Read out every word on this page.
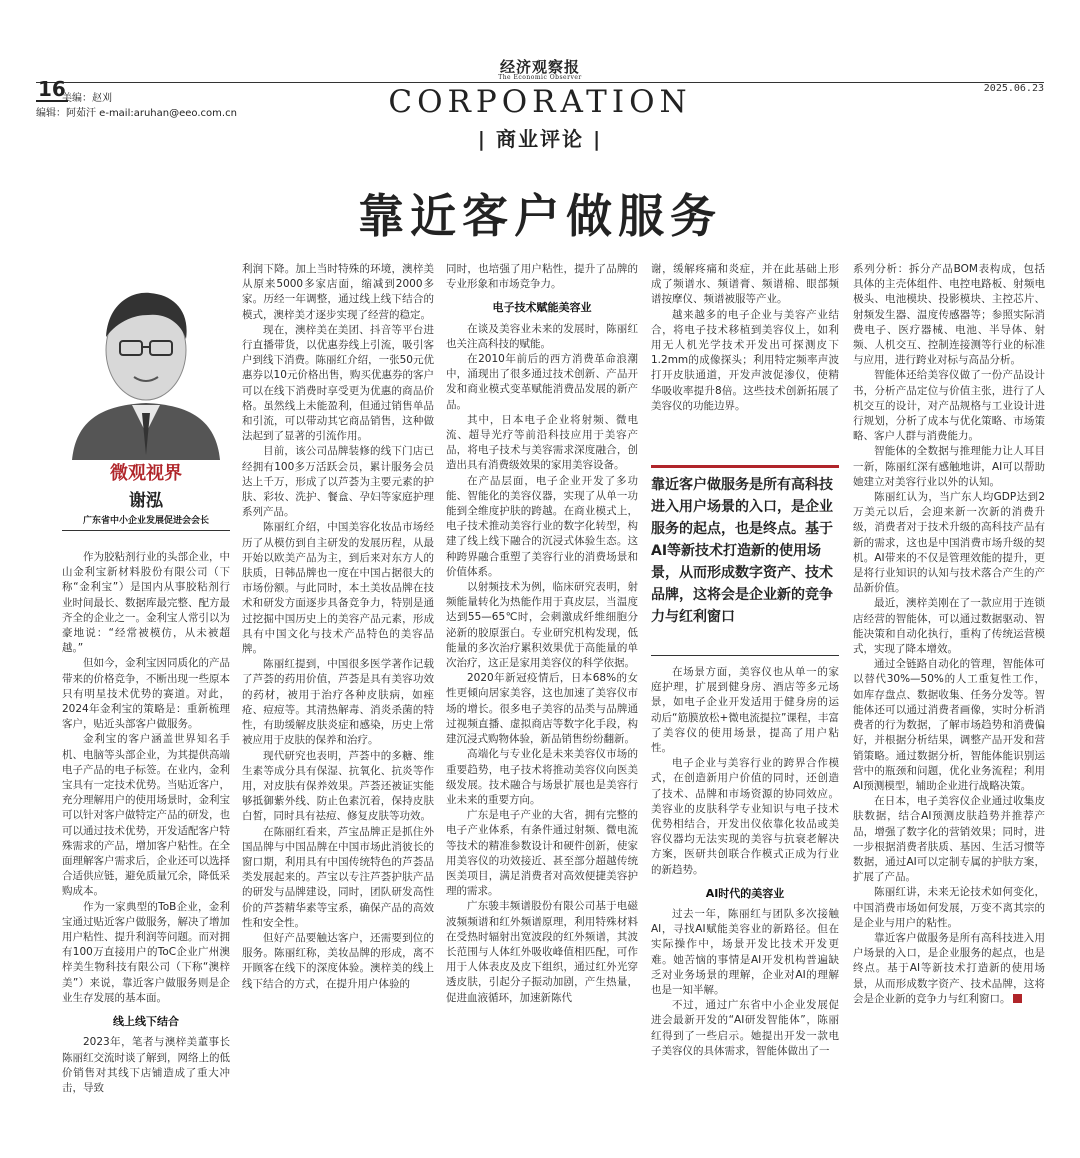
经济观察报
The Economic Observer
16
美编：赵刈
编辑：阿茹汗 e-mail:aruhan@eeo.com.cn
2025.06.23
CORPORATION
| 商业评论 |
靠近客户做服务
微观视界
谢泓
广东省中小企业发展促进会会长

作为胶粘剂行业的头部企业，中山金利宝新材料股份有限公司（下称“金利宝”）是国内从事胶粘剂行业时间最长、数据库最完整、配方最齐全的企业之一。金利宝人常引以为豪地说：“经常被模仿，从未被超越。”

但如今，金利宝因同质化的产品带来的价格竞争，不断出现一些原本只有明星技术优势的赛道。对此，2024年金利宝的策略是：重新梳理客户，贴近头部客户做服务。

金利宝的客户涵盖世界知名手机、电脑等头部企业，为其提供高端电子产品的电子标签。在业内，金利宝具有一定技术优势。当贴近客户，充分理解用户的使用场景时，金利宝可以针对客户做特定产品的研发，也可以通过技术优势，开发适配客户特殊需求的产品，增加客户粘性。在全面理解客户需求后，企业还可以选择合适供应链，避免质量冗余，降低采购成本。

作为一家典型的ToB企业，金利宝通过贴近客户做服务，解决了增加用户粘性、提升利润等问题。而对拥有100万直接用户的ToC企业广州澳梓美生物科技有限公司（下称“澳梓美”）来说，靠近客户做服务则是企业生存发展的基本面。

线上线下结合

2023年，笔者与澳梓美董事长陈丽红交流时谈了解到，网络上的低价销售对其线下店铺造成了重大冲击，导致

利润下降。加上当时特殊的环境，澳梓美从原来5000多家店面，缩减到2000多家。历经一年调整，通过线上线下结合的模式，澳梓美才逐步实现了经营的稳定。

现在，澳梓美在美团、抖音等平台进行直播带货，以优惠券线上引流，吸引客户到线下消费。陈丽红介绍，一张50元优惠券以10元价格出售，购买优惠券的客户可以在线下消费时享受更为优惠的商品价格。虽然线上未能盈利，但通过销售单品和引流，可以带动其它商品销售，这种做法起到了显著的引流作用。

目前，该公司品牌装修的线下门店已经拥有100多万活跃会员，累计服务会员达上千万，形成了以芦荟为主要元素的护肤、彩妆、洗护、餐盒、孕妇等家庭护理系列产品。

陈丽红介绍，中国美容化妆品市场经历了从模仿到自主研发的发展历程，从最开始以欧美产品为主，到后来对东方人的肤质，日韩品牌也一度在中国占据很大的市场份额。与此同时，本土美妆品牌在技术和研发方面逐步具备竞争力，特别是通过挖掘中国历史上的美容产品元素，形成具有中国文化与技术产品特色的美容品牌。

陈丽红提到，中国很多医学著作记载了芦荟的药用价值，芦荟是具有美容功效的药材，被用于治疗各种皮肤病，如痤疮、痘痘等。其清热解毒、消炎杀菌的特性，有助缓解皮肤炎症和感染，历史上常被应用于皮肤的保养和治疗。

现代研究也表明，芦荟中的多糖、维生素等成分具有保湿、抗氧化、抗炎等作用，对皮肤有保养效果。芦荟还被证实能够抵御紫外线、防止色素沉着，保持皮肤白皙，同时具有祛痘、修复皮肤等功效。

在陈丽红看来，芦宝品牌正是抓住外国品牌与中国品牌在中国市场此消彼长的窗口期，利用具有中国传统特色的芦荟品类发展起来的。芦宝以专注芦荟护肤产品的研发与品牌建设，同时，团队研发高性价的芦荟精华素等宝系，确保产品的高效性和安全性。

但好产品要触达客户，还需要到位的服务。陈丽红称，美妆品牌的形成，离不开顾客在线下的深度体验。澳梓美的线上线下结合的方式，在提升用户体验的

同时，也培强了用户粘性，提升了品牌的专业形象和市场竞争力。

电子技术赋能美容业

在谈及美容业未来的发展时，陈丽红也关注高科技的赋能。

在2010年前后的西方消费革命浪潮中，涌现出了很多通过技术创新、产品开发和商业模式变革赋能消费品发展的新产品。

其中，日本电子企业将射频、微电流、超导光疗等前沿科技应用于美容产品，将电子技术与美容需求深度融合，创造出具有消费级效果的家用美容设备。

在产品层面，电子企业开发了多功能、智能化的美容仪器，实现了从单一功能到全维度护肤的跨越。在商业模式上，电子技术推动美容行业的数字化转型，构建了线上线下融合的沉浸式体验生态。这种跨界融合重塑了美容行业的消费场景和价值体系。

以射频技术为例，临床研究表明，射频能量转化为热能作用于真皮层，当温度达到55—65℃时，会刺激成纤维细胞分泌新的胶原蛋白。专业研究机构发现，低能量的多次治疗累积效果优于高能量的单次治疗，这正是家用美容仪的科学依据。

2020年新冠疫情后，日本68%的女性更倾向居家美容，这也加速了美容仪市场的增长。很多电子美容的品类与品牌通过视频直播、虚拟商店等数字化手段，构建沉浸式购物体验，新品销售纷纷翻新。

高端化与专业化是未来美容仪市场的重要趋势，电子技术将推动美容仪向医美级发展。技术融合与场景扩展也是美容行业未来的重要方向。

广东是电子产业的大省，拥有完整的电子产业体系，有条件通过射频、微电流等技术的精准参数设计和硬件创新，使家用美容仪的功效接近、甚至部分超越传统医美项目，满足消费者对高效便捷美容护理的需求。

广东骏丰频谱股份有限公司基于电磁波频频谱和红外频谱原理，利用特殊材料在受热时辐射出宽波段的红外频谱，其波长范围与人体红外吸收峰值相匹配，可作用于人体表皮及皮下组织，通过红外光穿透皮肤，引起分子振动加剧，产生热量，促进血液循环，加速新陈代

谢，缓解疼痛和炎症，并在此基础上形成了频谱水、频谱膏、频谱棉、眼部频谱按摩仪、频谱被服等产业。

越来越多的电子企业与美容产业结合，将电子技术移植到美容仪上，如利用无人机光学技术开发出可探测皮下1.2mm的成像探头；利用特定频率声波打开皮肤通道，开发声波促渗仪，使精华吸收率提升8倍。这些技术创新拓展了美容仪的功能边界。

靠近客户做服务是所有高科技进入用户场景的入口，是企业服务的起点，也是终点。基于AI等新技术打造新的使用场景，从而形成数字资产、技术品牌，这将会是企业新的竞争力与红利窗口

在场景方面，美容仪也从单一的家庭护理，扩展到健身房、酒店等多元场景，如电子企业开发适用于健身房的运动后“筋膜放松+微电流提拉”课程，丰富了美容仪的使用场景，提高了用户粘性。

电子企业与美容行业的跨界合作模式，在创造新用户价值的同时，还创造了技术、品牌和市场资源的协同效应。美容业的皮肤科学专业知识与电子技术优势相结合，开发出仪依靠化妆品或美容仪器均无法实现的美容与抗衰老解决方案，医研共创联合作模式正成为行业的新趋势。

AI时代的美容业

过去一年，陈丽红与团队多次接触AI，寻找AI赋能美容业的新路径。但在实际操作中，场景开发比技术开发更难。她苦恼的事情是AI开发机构普遍缺乏对业务场景的理解，企业对AI的理解也是一知半解。

不过，通过广东省中小企业发展促进会最新开发的“AI研发智能体”，陈丽红得到了一些启示。她提出开发一款电子美容仪的具体需求，智能体做出了一

系列分析：拆分产品BOM表构成，包括具体的主壳体组件、电控电路板、射频电极头、电池模块、投影模块、主控芯片、射频发生器、温度传感器等；参照实际消费电子、医疗器械、电池、半导体、射频、人机交互、控制连接测等行业的标准与应用，进行跨业对标与高品分析。

智能体还给美容仪做了一份产品设计书，分析产品定位与价值主张，进行了人机交互的设计，对产品规格与工业设计进行规划，分析了成本与优化策略、市场策略、客户人群与消费能力。

智能体的全数据与推理能力让人耳目一新，陈丽红深有感触地讲，AI可以帮助她建立对美容行业以外的认知。

陈丽红认为，当广东人均GDP达到2万美元以后，会迎来新一次新的消费升级，消费者对于技术升级的高科技产品有新的需求，这也是中国消费市场升级的契机。AI带来的不仅是管理效能的提升，更是将行业知识的认知与技术落合产生的产品新价值。

最近，澳梓美刚在了一款应用于连锁店经营的智能体，可以通过数据驱动、智能决策和自动化执行，重构了传统运营模式，实现了降本增效。

通过全链路自动化的管理，智能体可以替代30%—50%的人工重复性工作，如库存盘点、数据收集、任务分发等。智能体还可以通过消费者画像，实时分析消费者的行为数据，了解市场趋势和消费偏好，并根据分析结果，调整产品开发和营销策略。通过数据分析，智能体能识别运营中的瓶颈和问题，优化业务流程；利用AI预测模型，辅助企业进行战略决策。

在日本，电子美容仪企业通过收集皮肤数据，结合AI预测皮肤趋势并推荐产品，增强了数字化的营销效果；同时，进一步根据消费者肤质、基因、生活习惯等数据，通过AI可以定制专属的护肤方案，扩展了产品。

陈丽红讲，未来无论技术如何变化，中国消费市场如何发展，万变不离其宗的是企业与用户的粘性。

靠近客户做服务是所有高科技进入用户场景的入口，是企业服务的起点，也是终点。基于AI等新技术打造新的使用场景，从而形成数字资产、技术品牌，这将会是企业新的竞争力与红利窗口。
